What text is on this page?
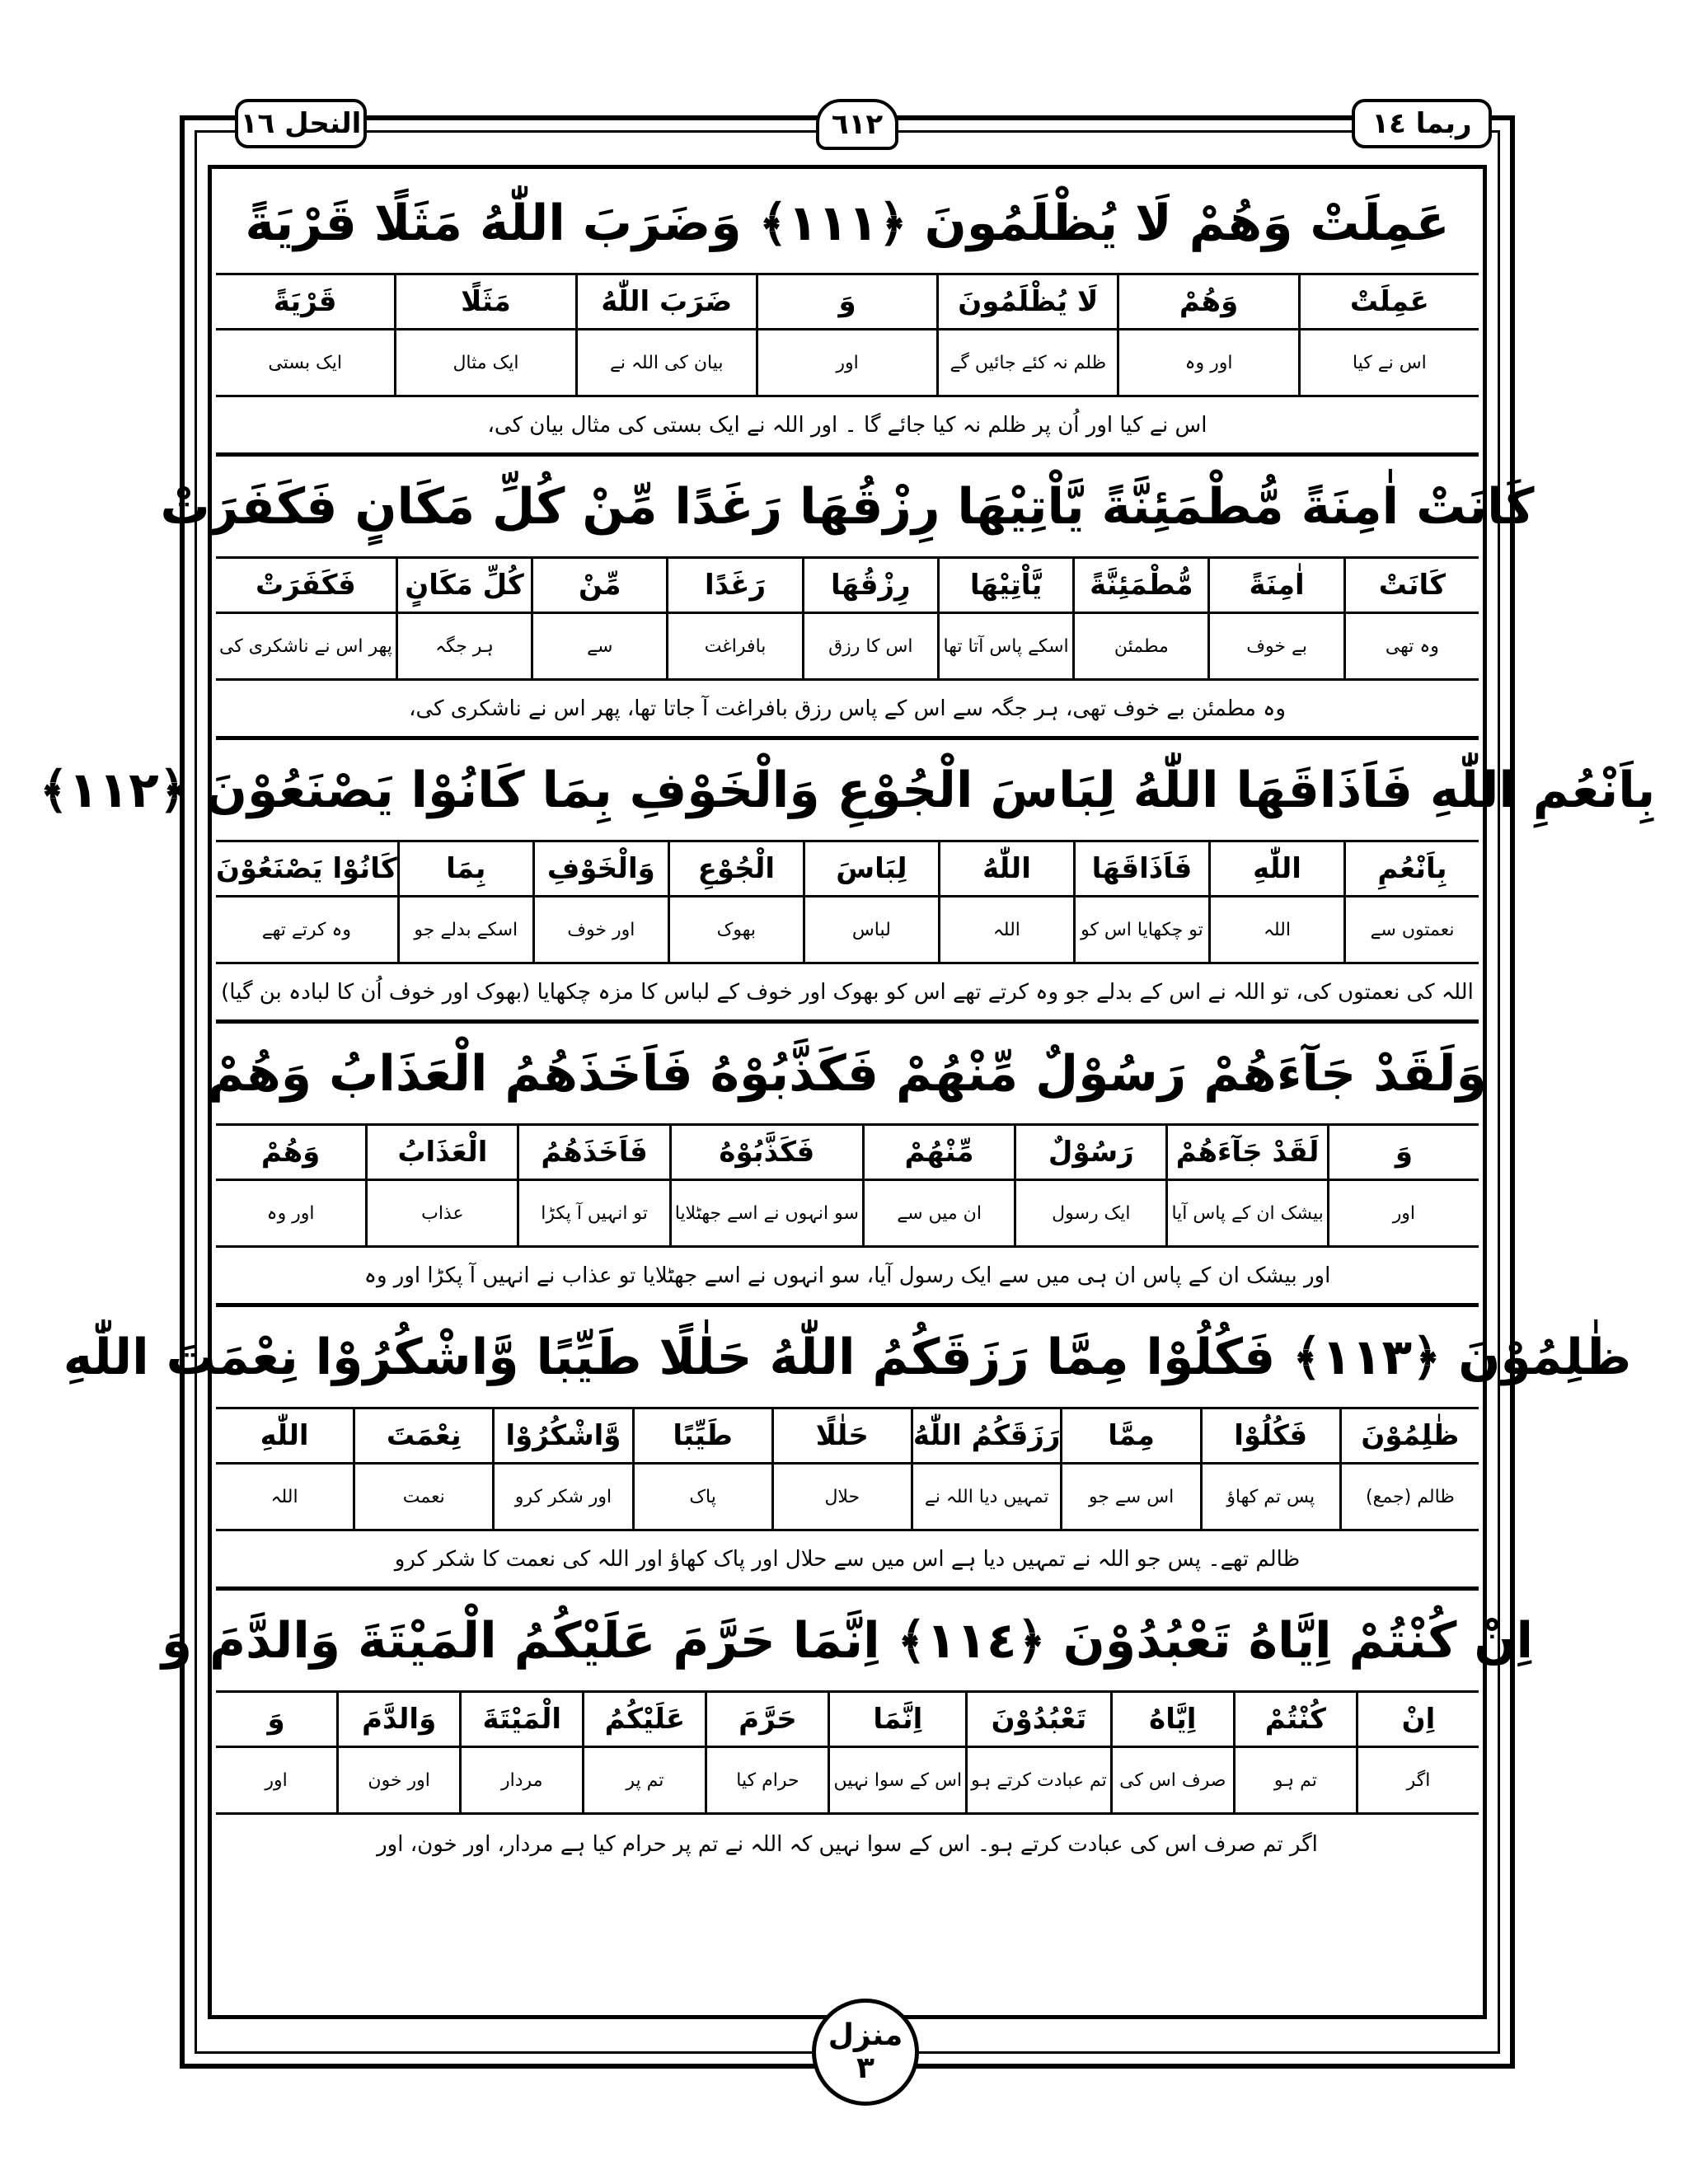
النحل ١٦	٦١٢	ربما ١٤
عَمِلَتْ وَهُمْ لَا يُظْلَمُونَ ﴿١١١﴾ وَضَرَبَ اللّٰهُ مَثَلًا قَرْيَةً
عَمِلَتْ
اس نے کیا
وَهُمْ
اور وہ
لَا يُظْلَمُونَ
ظلم نہ کئے جائیں گے
وَ
اور
ضَرَبَ اللّٰهُ
بیان کی اللہ نے
مَثَلًا
ایک مثال
قَرْيَةً
ایک بستی
اس نے کیا اور اُن پر ظلم نہ کیا جائے گا ۔ اور اللہ نے ایک بستی کی مثال بیان کی،
كَانَتْ اٰمِنَةً مُّطْمَئِنَّةً يَّاْتِيْهَا رِزْقُهَا رَغَدًا مِّنْ كُلِّ مَكَانٍ فَكَفَرَتْ
كَانَتْ
وہ تھی
اٰمِنَةً
بے خوف
مُّطْمَئِنَّةً
مطمئن
يَّاْتِيْهَا
اسکے پاس آتا تھا
رِزْقُهَا
اس کا رزق
رَغَدًا
بافراغت
مِّنْ
سے
كُلِّ مَكَانٍ
ہر جگہ
فَكَفَرَتْ
پھر اس نے ناشکری کی
وہ مطمئن بے خوف تھی، ہر جگہ سے اس کے پاس رزق بافراغت آ جاتا تھا، پھر اس نے ناشکری کی،
بِاَنْعُمِ اللّٰهِ فَاَذَاقَهَا اللّٰهُ لِبَاسَ الْجُوْعِ وَالْخَوْفِ بِمَا كَانُوْا يَصْنَعُوْنَ ﴿١١٢﴾
بِاَنْعُمِ
نعمتوں سے
اللّٰهِ
اللہ
فَاَذَاقَهَا
تو چکھایا اس کو
اللّٰهُ
اللہ
لِبَاسَ
لباس
الْجُوْعِ
بھوک
وَالْخَوْفِ
اور خوف
بِمَا
اسکے بدلے جو
كَانُوْا يَصْنَعُوْنَ
وہ کرتے تھے
اللہ کی نعمتوں کی، تو اللہ نے اس کے بدلے جو وہ کرتے تھے اس کو بھوک اور خوف کے لباس کا مزہ چکھایا (بھوک اور خوف اُن کا لبادہ بن گیا)
وَلَقَدْ جَآءَهُمْ رَسُوْلٌ مِّنْهُمْ فَكَذَّبُوْهُ فَاَخَذَهُمُ الْعَذَابُ وَهُمْ
وَ
اور
لَقَدْ جَآءَهُمْ
بیشک ان کے پاس آیا
رَسُوْلٌ
ایک رسول
مِّنْهُمْ
ان میں سے
فَكَذَّبُوْهُ
سو انہوں نے اسے جھٹلایا
فَاَخَذَهُمُ
تو انہیں آ پکڑا
الْعَذَابُ
عذاب
وَهُمْ
اور وہ
اور بیشک ان کے پاس ان ہی میں سے ایک رسول آیا، سو انہوں نے اسے جھٹلایا تو عذاب نے انہیں آ پکڑا اور وہ
ظٰلِمُوْنَ ﴿١١٣﴾ فَكُلُوْا مِمَّا رَزَقَكُمُ اللّٰهُ حَلٰلًا طَيِّبًا وَّاشْكُرُوْا نِعْمَتَ اللّٰهِ
ظٰلِمُوْنَ
ظالم (جمع)
فَكُلُوْا
پس تم کھاؤ
مِمَّا
اس سے جو
رَزَقَكُمُ اللّٰهُ
تمہیں دیا اللہ نے
حَلٰلًا
حلال
طَيِّبًا
پاک
وَّاشْكُرُوْا
اور شکر کرو
نِعْمَتَ
نعمت
اللّٰهِ
اللہ
ظالم تھے۔ پس جو اللہ نے تمہیں دیا ہے اس میں سے حلال اور پاک کھاؤ اور اللہ کی نعمت کا شکر کرو
اِنْ كُنْتُمْ اِيَّاهُ تَعْبُدُوْنَ ﴿١١٤﴾ اِنَّمَا حَرَّمَ عَلَيْكُمُ الْمَيْتَةَ وَالدَّمَ وَ
اِنْ
اگر
كُنْتُمْ
تم ہو
اِيَّاهُ
صرف اس کی
تَعْبُدُوْنَ
تم عبادت کرتے ہو
اِنَّمَا
اس کے سوا نہیں
حَرَّمَ
حرام کیا
عَلَيْكُمُ
تم پر
الْمَيْتَةَ
مردار
وَالدَّمَ
اور خون
وَ
اور
اگر تم صرف اس کی عبادت کرتے ہو۔ اس کے سوا نہیں کہ اللہ نے تم پر حرام کیا ہے مردار، اور خون، اور
منزل
٣
